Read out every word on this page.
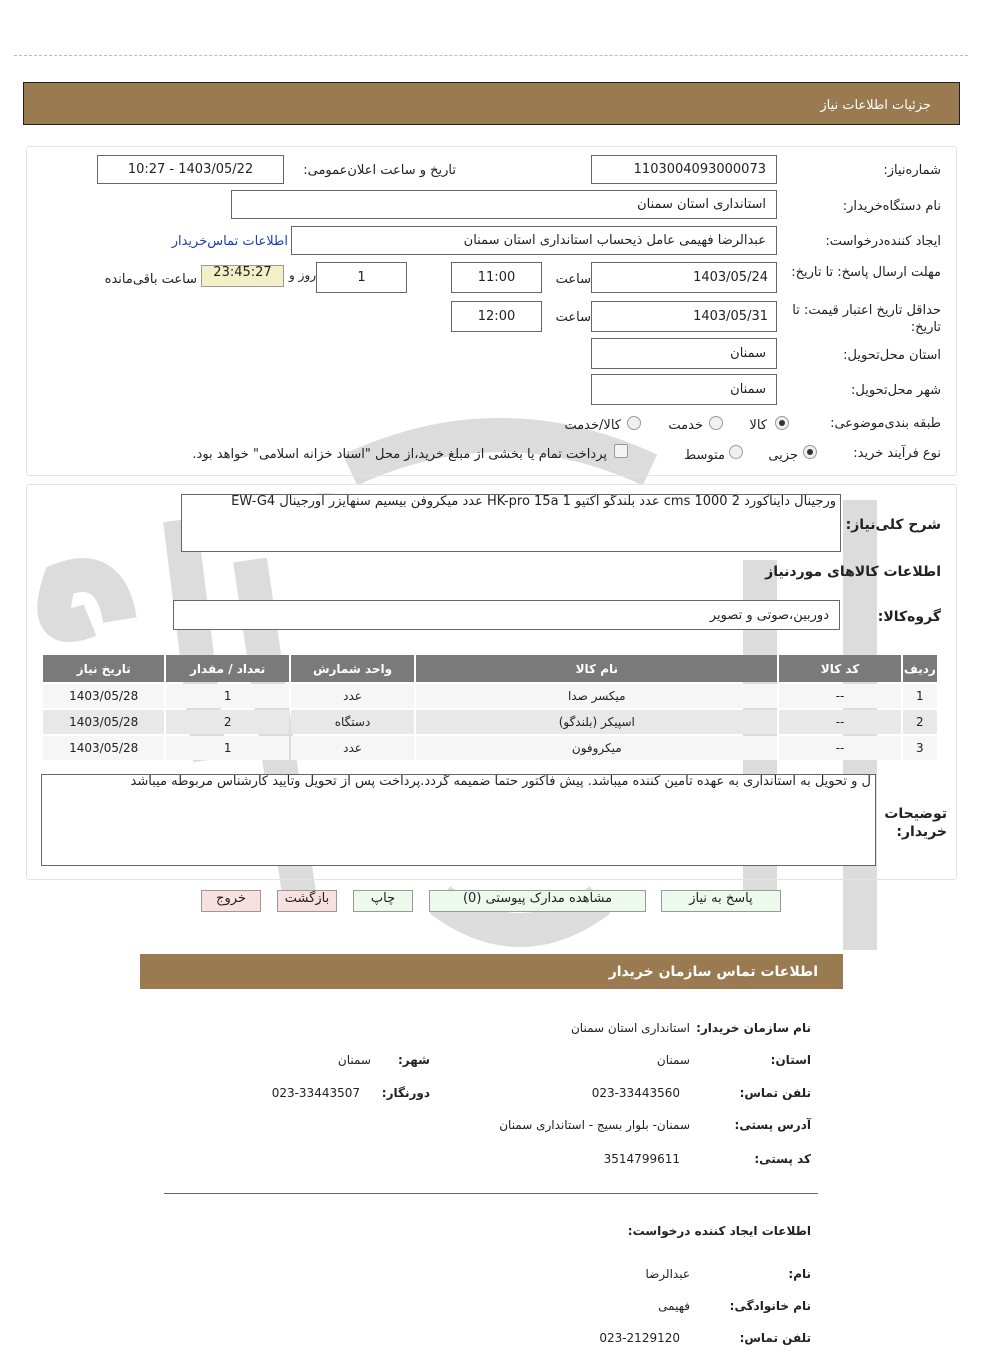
جزئیات اطلاعات نیاز
شماره‌نیاز:
1103004093000073
تاریخ و ساعت اعلان‌عمومی:
1403/05/22 - 10:27
نام دستگاه‌خریدار:
استانداری استان سمنان
ایجاد کننده‌درخواست:
عبدالرضا فهیمی عامل ذیحساب استانداری استان سمنان
اطلاعات تماس‌خریدار
مهلت ارسال پاسخ: تا تاریخ:
1403/05/24
ساعت
11:00
1
روز و
23:45:27
ساعت باقی‌مانده
حداقل تاریخ اعتبار قیمت: تا تاریخ:
1403/05/31
ساعت
12:00
استان محل‌تحویل:
سمنان
شهر محل‌تحویل:
سمنان
طبقه بندی‌موضوعی:
کالا
خدمت
کالا/خدمت
نوع فرآیند خرید:
جزیی
متوسط
پرداخت تمام یا بخشی از مبلغ خرید،از محل "اسناد خزانه اسلامی" خواهد بود.
شرح کلی‌نیاز:
ورجینال دایناکورد 2 cms 1000 عدد بلندگو اکتیو HK-pro 15a 1 عدد میکروفن بیسیم سنهایزر اورجینال EW-G4
اطلاعات کالاهای مورد‌نیاز
گروه‌کالا:
دوربین،صوتی و تصویر
ردیف	کد کالا	نام کالا	واحد شمارش	تعداد / مقدار	تاریخ نیاز
1	--	میکسر صدا	عدد	1	1403/05/28
2	--	اسپیکر (بلندگو)	دستگاه	2	1403/05/28
3	--	میکروفون	عدد	1	1403/05/28
ل و تحویل به استانداری به عهده تامین کننده میباشد. پیش فاکتور حتما ضمیمه گردد.پرداخت پس از تحویل وتایید کارشناس مربوطه میباشد
توضیحات خریدار:
پاسخ به نیاز
مشاهده مدارک پیوستی (0)
چاپ
بازگشت
خروج
اطلاعات تماس سازمان خریدار
نام سازمان خریدار:
استانداری استان سمنان
استان:
سمنان
شهر:
سمنان
تلفن تماس:
023-33443560
دورنگار:
023-33443507
آدرس پستی:
سمنان- بلوار بسیج - استانداری سمنان
کد پستی:
3514799611
اطلاعات ایجاد کننده درخواست:
نام:
عبدالرضا
نام خانوادگی:
فهیمی
تلفن تماس:
023-2129120
